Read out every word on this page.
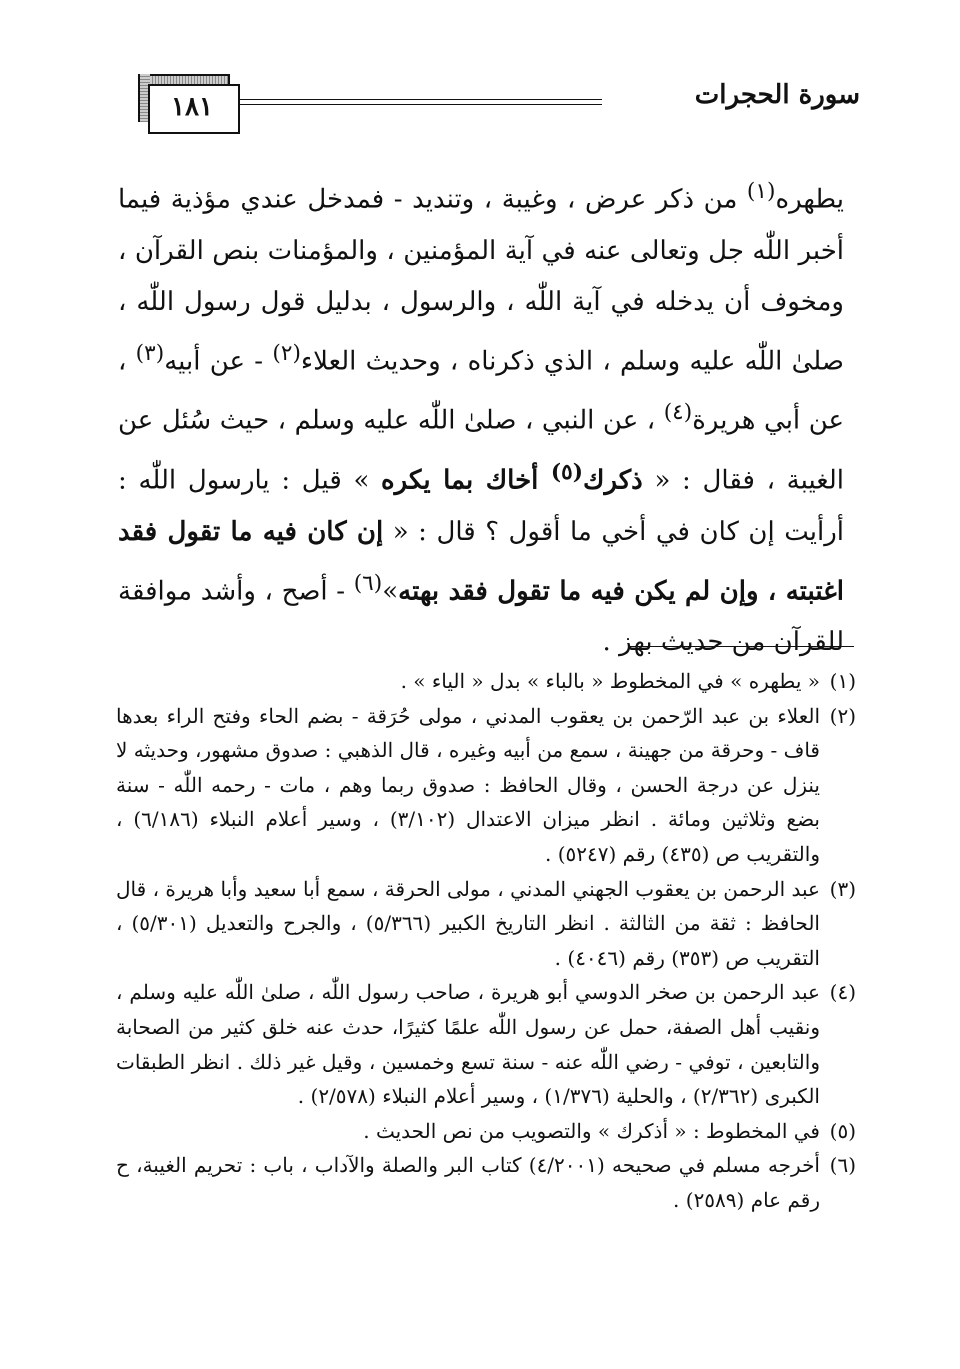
١٨١	سورة الحجرات

يطهره$^{(١)}$ من ذكر عرض ، وغيبة ، وتنديد - فمدخل عندي مؤذية فيما أخبر اللّٰه جل وتعالى عنه في آية المؤمنين ، والمؤمنات بنص القرآن ، ومخوف أن يدخله في آية اللّٰه ، والرسول ، بدليل قول رسول اللّٰه ، صلىٰ اللّٰه عليه وسلم ، الذي ذكرناه ، وحديث العلاء$^{(٢)}$ - عن أبيه$^{(٣)}$ ، عن أبي هريرة$^{(٤)}$ ، عن النبي ، صلىٰ اللّٰه عليه وسلم ، حيث سُئل عن الغيبة ، فقال : « ذكرك$^{(٥)}$ أخاك بما يكره » قيل : يارسول اللّٰه : أرأيت إن كان في أخي ما أقول ؟ قال : « إن كان فيه ما تقول فقد اغتبته ، وإن لم يكن فيه ما تقول فقد بهته»$^{(٦)}$ - أصح ، وأشد موافقة للقرآن من حديث بهز .

(١)
« يطهره » في المخطوط « بالباء » بدل « الياء » .

(٢)
العلاء بن عبد الرّحمن بن يعقوب المدني ، مولى حُرَقة - بضم الحاء وفتح الراء بعدها قاف - وحرقة من جهينة ، سمع من أبيه وغيره ، قال الذهبي : صدوق مشهور، وحديثه لا ينزل عن درجة الحسن ، وقال الحافظ : صدوق ربما وهم ، مات - رحمه اللّٰه - سنة بضع وثلاثين ومائة . انظر ميزان الاعتدال (٣/١٠٢) ، وسير أعلام النبلاء (٦/١٨٦) ، والتقريب ص (٤٣٥) رقم (٥٢٤٧) .

(٣)
عبد الرحمن بن يعقوب الجهني المدني ، مولى الحرقة ، سمع أبا سعيد وأبا هريرة ، قال الحافظ : ثقة من الثالثة . انظر التاريخ الكبير (٥/٣٦٦) ، والجرح والتعديل (٥/٣٠١) ، التقريب ص (٣٥٣) رقم (٤٠٤٦) .

(٤)
عبد الرحمن بن صخر الدوسي أبو هريرة ، صاحب رسول اللّٰه ، صلىٰ اللّٰه عليه وسلم ، ونقيب أهل الصفة، حمل عن رسول اللّٰه علمًا كثيرًا، حدث عنه خلق كثير من الصحابة والتابعين ، توفي - رضي اللّٰه عنه - سنة تسع وخمسين ، وقيل غير ذلك . انظر الطبقات الكبرى (٢/٣٦٢) ، والحلية (١/٣٧٦) ، وسير أعلام النبلاء (٢/٥٧٨) .

(٥)
في المخطوط : « أذكرك » والتصويب من نص الحديث .

(٦)
أخرجه مسلم في صحيحه (٤/٢٠٠١) كتاب البر والصلة والآداب ، باب : تحريم الغيبة، ح رقم عام (٢٥٨٩) .
